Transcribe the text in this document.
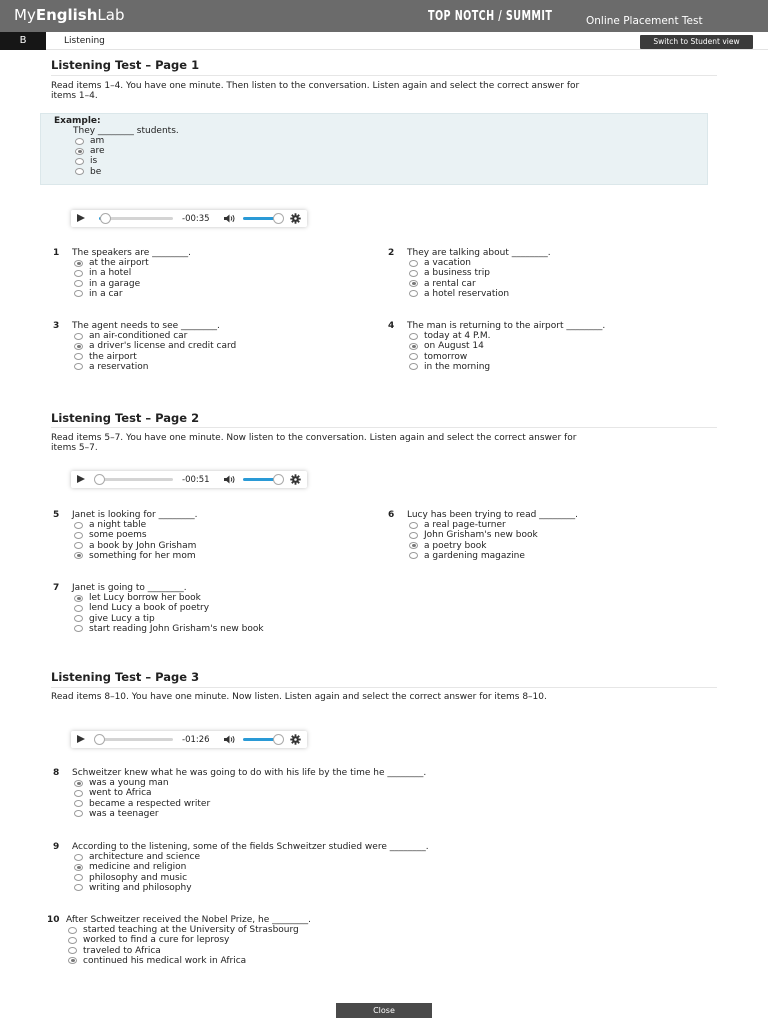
MyEnglishLab	TOP NOTCH / SUMMIT	Online Placement Test
B	Listening	Switch to Student view
Listening Test – Page 1
Read items 1–4. You have one minute. Then listen to the conversation. Listen again and select the correct answer for items 1–4.
Example:
They ________ students.
am
are
is
be
-00:35
Listening Test – Page 2
Read items 5–7. You have one minute. Now listen to the conversation. Listen again and select the correct answer for items 5–7.
-00:51
Listening Test – Page 3
Read items 8–10. You have one minute. Now listen. Listen again and select the correct answer for items 8–10.
-01:26
1 The speakers are ________.
at the airport
in a hotel
in a garage
in a car
2 They are talking about ________.
a vacation
a business trip
a rental car
a hotel reservation
3 The agent needs to see ________.
an air-conditioned car
a driver's license and credit card
the airport
a reservation
4 The man is returning to the airport ________.
today at 4 P.M.
on August 14
tomorrow
in the morning
5 Janet is looking for ________.
a night table
some poems
a book by John Grisham
something for her mom
6 Lucy has been trying to read ________.
a real page-turner
John Grisham's new book
a poetry book
a gardening magazine
7 Janet is going to ________.
let Lucy borrow her book
lend Lucy a book of poetry
give Lucy a tip
start reading John Grisham's new book
8 Schweitzer knew what he was going to do with his life by the time he ________.
was a young man
went to Africa
became a respected writer
was a teenager
9 According to the listening, some of the fields Schweitzer studied were ________.
architecture and science
medicine and religion
philosophy and music
writing and philosophy
10 After Schweitzer received the Nobel Prize, he ________.
started teaching at the University of Strasbourg
worked to find a cure for leprosy
traveled to Africa
continued his medical work in Africa
Close
